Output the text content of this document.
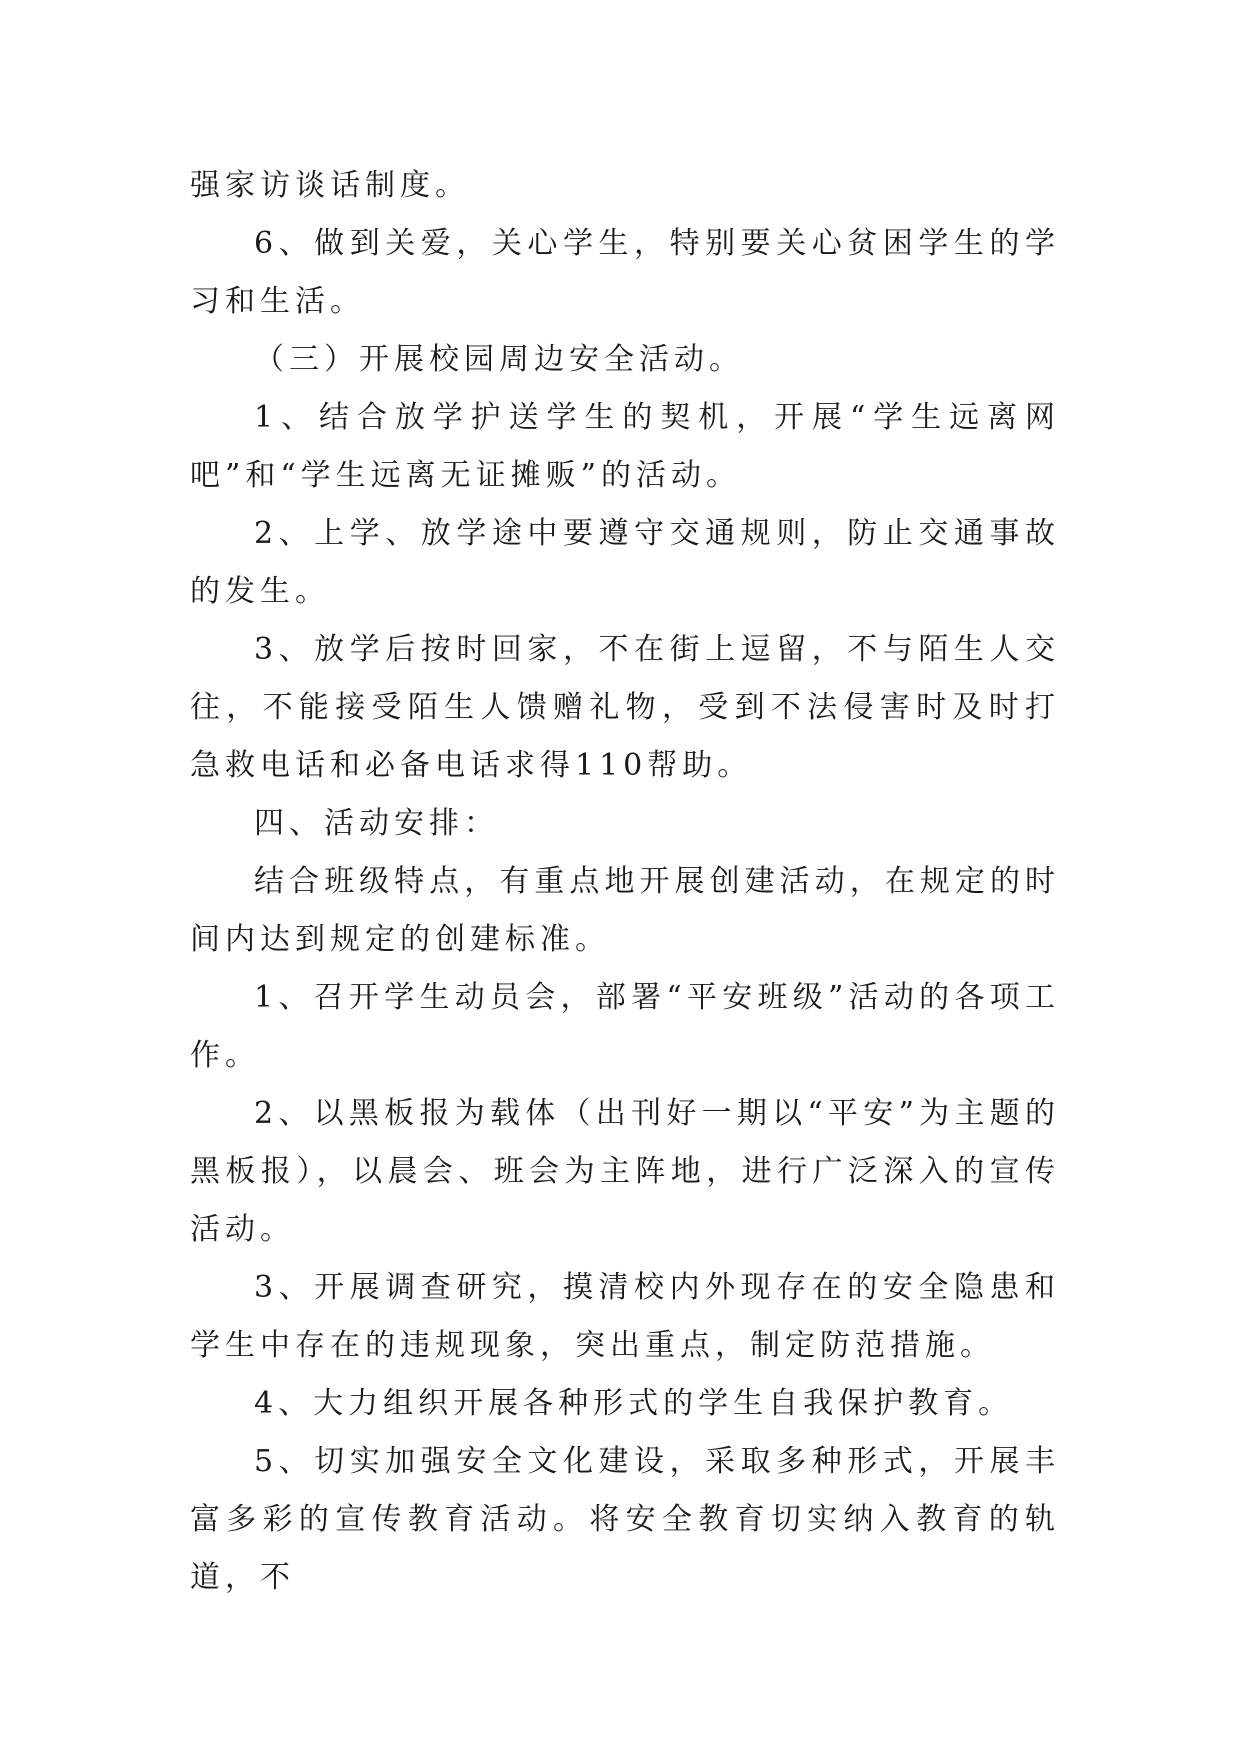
强家访谈话制度。

6、做到关爱，关心学生，特别要关心贫困学生的学习和生活。

（三）开展校园周边安全活动。

1、结合放学护送学生的契机，开展“学生远离网吧”和“学生远离无证摊贩”的活动。

2、上学、放学途中要遵守交通规则，防止交通事故的发生。

3、放学后按时回家，不在街上逗留，不与陌生人交往，不能接受陌生人馈赠礼物，受到不法侵害时及时打急救电话和必备电话求得110帮助。

四、活动安排：

结合班级特点，有重点地开展创建活动，在规定的时间内达到规定的创建标准。

1、召开学生动员会，部署“平安班级”活动的各项工作。

2、以黑板报为载体（出刊好一期以“平安”为主题的黑板报），以晨会、班会为主阵地，进行广泛深入的宣传活动。

3、开展调查研究，摸清校内外现存在的安全隐患和学生中存在的违规现象，突出重点，制定防范措施。

4、大力组织开展各种形式的学生自我保护教育。

5、切实加强安全文化建设，采取多种形式，开展丰富多彩的宣传教育活动。将安全教育切实纳入教育的轨道，不
